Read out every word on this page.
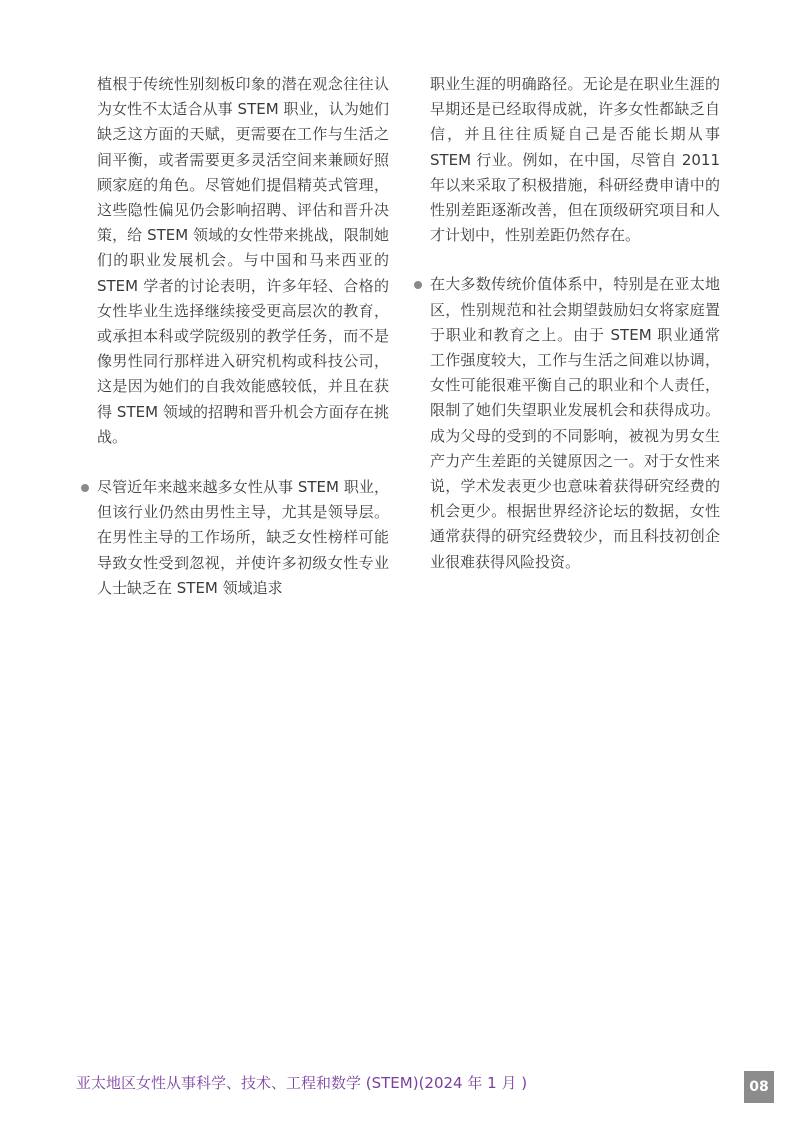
植根于传统性别刻板印象的潜在观念往往认为女性不太适合从事 STEM 职业，认为她们缺乏这方面的天赋，更需要在工作与生活之间平衡，或者需要更多灵活空间来兼顾好照顾家庭的角色。尽管她们提倡精英式管理，这些隐性偏见仍会影响招聘、评估和晋升决策，给 STEM 领域的女性带来挑战，限制她们的职业发展机会。与中国和马来西亚的 STEM 学者的讨论表明，许多年轻、合格的女性毕业生选择继续接受更高层次的教育，或承担本科或学院级别的教学任务，而不是像男性同行那样进入研究机构或科技公司，这是因为她们的自我效能感较低，并且在获得 STEM 领域的招聘和晋升机会方面存在挑战。

尽管近年来越来越多女性从事 STEM 职业，但该行业仍然由男性主导，尤其是领导层。在男性主导的工作场所，缺乏女性榜样可能导致女性受到忽视，并使许多初级女性专业人士缺乏在 STEM 领域追求

职业生涯的明确路径。无论是在职业生涯的早期还是已经取得成就，许多女性都缺乏自信，并且往往质疑自己是否能长期从事 STEM 行业。例如，在中国，尽管自 2011 年以来采取了积极措施，科研经费申请中的性别差距逐渐改善，但在顶级研究项目和人才计划中，性别差距仍然存在。

在大多数传统价值体系中，特别是在亚太地区，性别规范和社会期望鼓励妇女将家庭置于职业和教育之上。由于 STEM 职业通常工作强度较大，工作与生活之间难以协调，女性可能很难平衡自己的职业和个人责任，限制了她们失望职业发展机会和获得成功。成为父母的受到的不同影响，被视为男女生产力产生差距的关键原因之一。对于女性来说，学术发表更少也意味着获得研究经费的机会更少。根据世界经济论坛的数据，女性通常获得的研究经费较少，而且科技初创企业很难获得风险投资。

亚太地区女性从事科学、技术、工程和数学 (STEM)(2024 年 1 月 )	08
